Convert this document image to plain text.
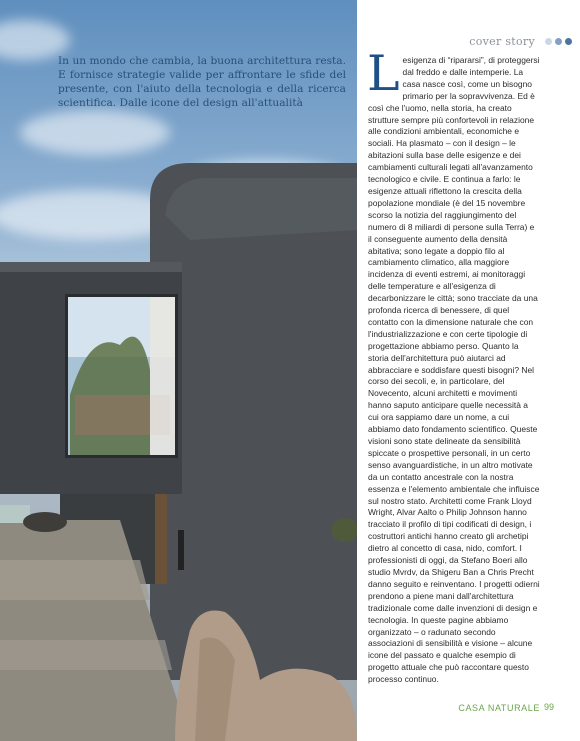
In un mondo che cambia, la buona architettura resta. E fornisce strategie valide per affrontare le sfide del presente, con l'aiuto della tecnologia e della ricerca scientifica. Dalle icone del design all'attualità

cover story
L esigenza di “ripararsi”, di proteggersi dal freddo e dalle intemperie. La casa nasce così, come un bisogno primario per la sopravvivenza. Ed è così che l'uomo, nella storia, ha creato strutture sempre più confortevoli in relazione alle condizioni ambientali, economiche e sociali. Ha plasmato – con il design – le abitazioni sulla base delle esigenze e dei cambiamenti culturali legati all'avanzamento tecnologico e civile. E continua a farlo: le esigenze attuali riflettono la crescita della popolazione mondiale (è del 15 novembre scorso la notizia del raggiungimento del numero di 8 miliardi di persone sulla Terra) e il conseguente aumento della densità abitativa; sono legate a doppio filo al cambiamento climatico, alla maggiore incidenza di eventi estremi, ai monitoraggi delle temperature e all'esigenza di decarbonizzare le città; sono tracciate da una profonda ricerca di benessere, di quel contatto con la dimensione naturale che con l'industrializzazione e con certe tipologie di progettazione abbiamo perso. Quanto la storia dell'architettura può aiutarci ad abbracciare e soddisfare questi bisogni? Nel corso dei secoli, e, in particolare, del Novecento, alcuni architetti e movimenti hanno saputo anticipare quelle necessità a cui ora sappiamo dare un nome, a cui abbiamo dato fondamento scientifico. Queste visioni sono state delineate da sensibilità spiccate o prospettive personali, in un certo senso avanguardistiche, in un altro motivate da un contatto ancestrale con la nostra essenza e l'elemento ambientale che influisce sul nostro stato. Architetti come Frank Lloyd Wright, Alvar Aalto o Philip Johnson hanno tracciato il profilo di tipi codificati di design, i costruttori antichi hanno creato gli archetipi dietro al concetto di casa, nido, comfort. I professionisti di oggi, da Stefano Boeri allo studio Mvrdv, da Shigeru Ban a Chris Precht danno seguito e reinventano. I progetti odierni prendono a piene mani dall'architettura tradizionale come dalle invenzioni di design e tecnologia. In queste pagine abbiamo organizzato – o radunato secondo associazioni di sensibilità e visione – alcune icone del passato e qualche esempio di progetto attuale che può raccontare questo processo continuo.

CASA NATURALE 99
